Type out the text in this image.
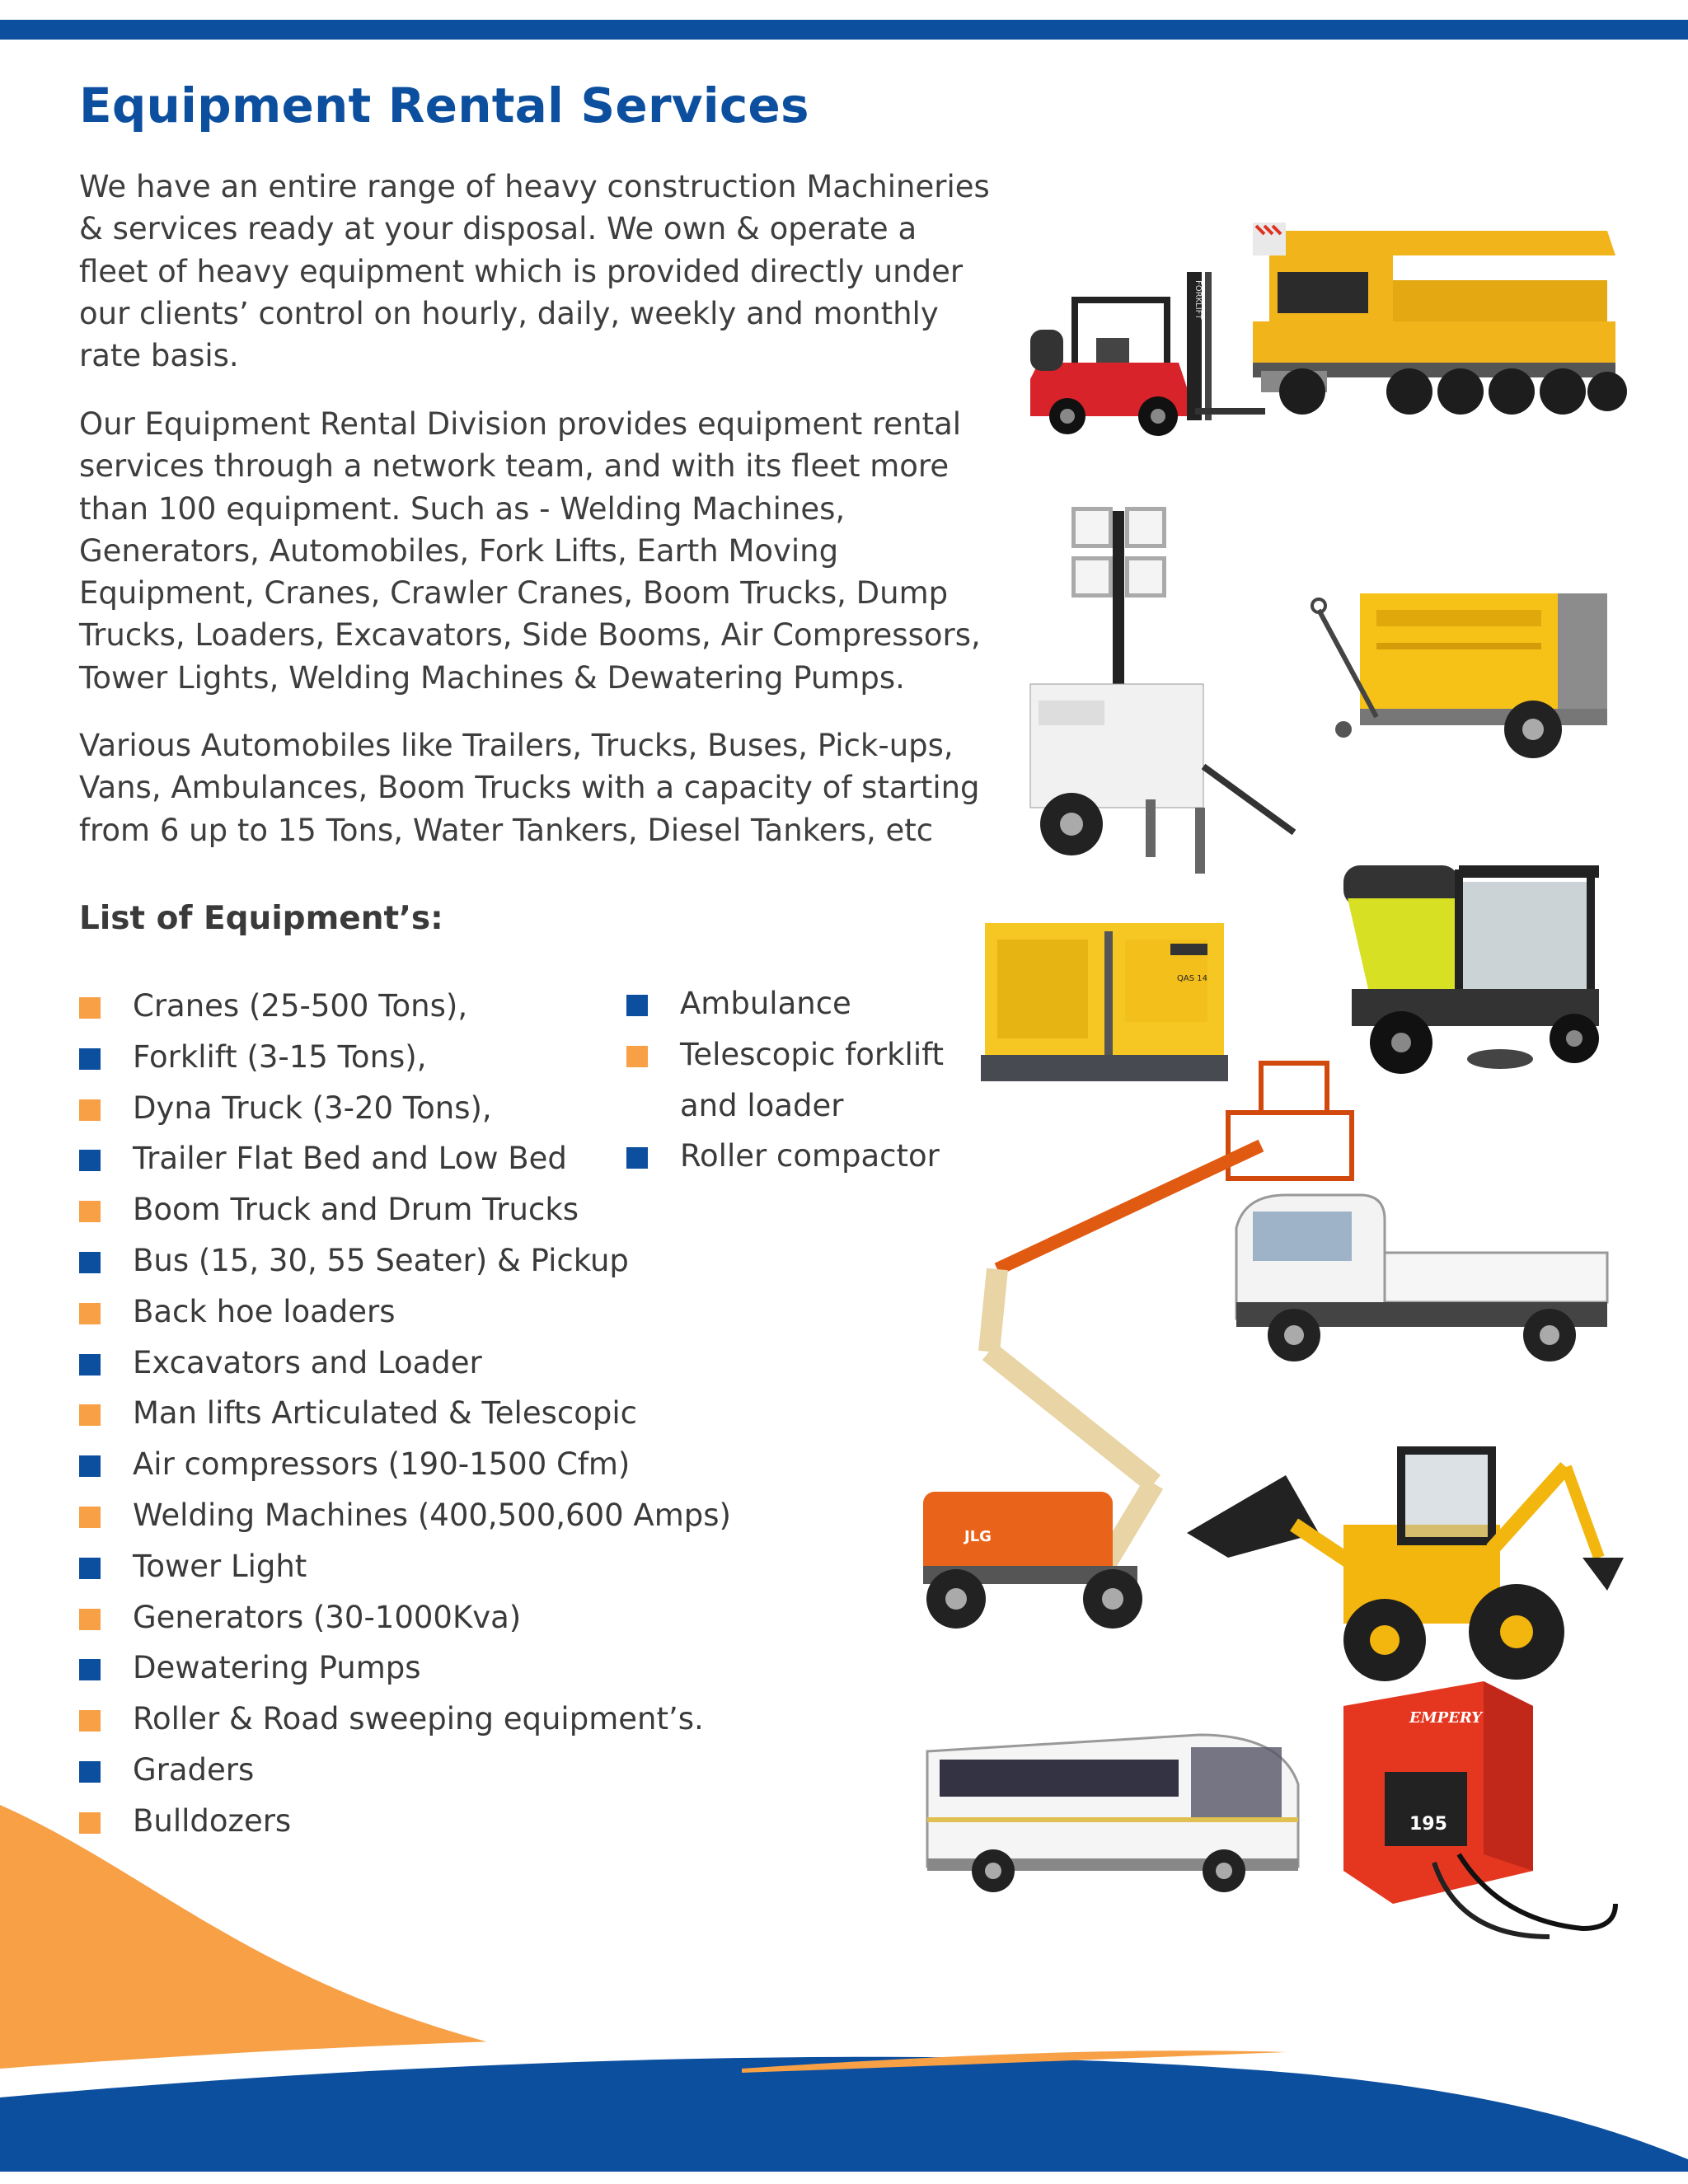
Equipment Rental Services

We have an entire range of heavy construction Machineries & services ready at your disposal. We own & operate a fleet of heavy equipment which is provided directly under our clients’ control on hourly, daily, weekly and monthly rate basis.

Our Equipment Rental Division provides equipment rental services through a network team, and with its fleet more than 100 equipment. Such as - Welding Machines, Generators, Automobiles, Fork Lifts, Earth Moving Equipment, Cranes, Crawler Cranes, Boom Trucks, Dump Trucks, Loaders, Excavators, Side Booms, Air Compressors, Tower Lights, Welding Machines & Dewatering Pumps.

Various Automobiles like Trailers, Trucks, Buses, Pick-ups, Vans, Ambulances, Boom Trucks with a capacity of starting from 6 up to 15 Tons, Water Tankers, Diesel Tankers, etc

List of Equipment’s:
Cranes (25-500 Tons),
Forklift (3-15 Tons),
Dyna Truck (3-20 Tons),
Trailer Flat Bed and Low Bed
Boom Truck and Drum Trucks
Bus (15, 30, 55 Seater) & Pickup
Back hoe loaders
Excavators and Loader
Man lifts Articulated & Telescopic
Air compressors (190-1500 Cfm)
Welding Machines (400,500,600 Amps)
Tower Light
Generators (30-1000Kva)
Dewatering Pumps
Roller & Road sweeping equipment’s.
Graders
Bulldozers
Ambulance
Telescopic forklift and loader
Roller compactor
FORKLIFT
QAS 14
JLG
EMPERY
195
